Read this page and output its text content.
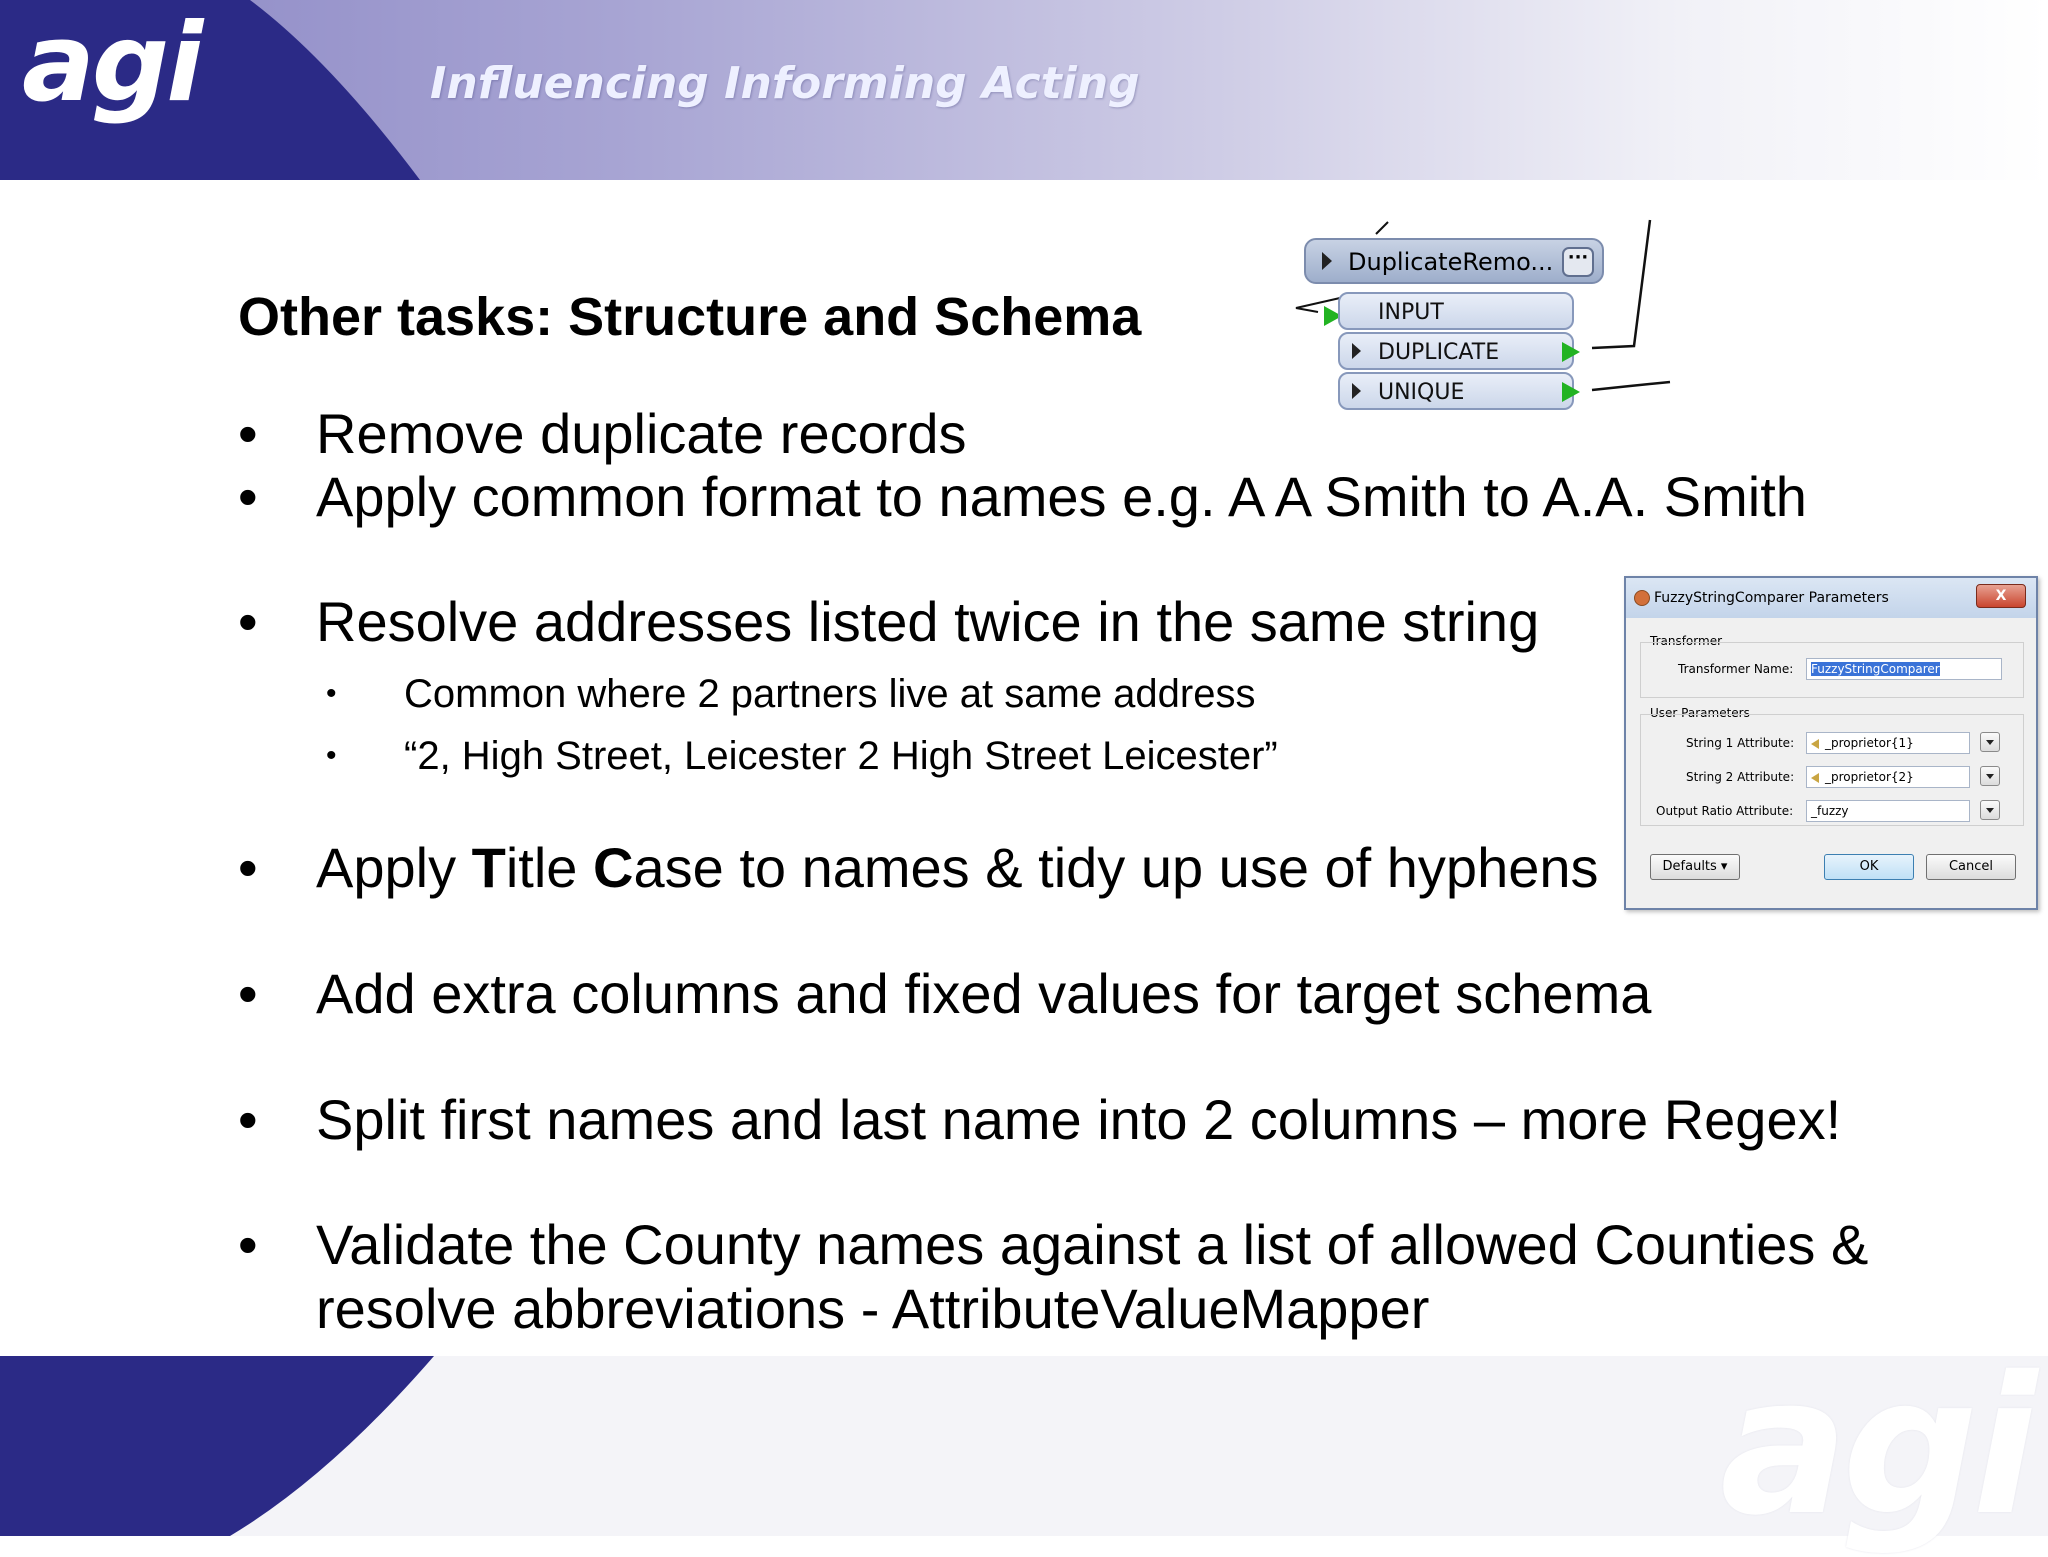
agi	Influencing Informing Acting
Other tasks: Structure and Schema
•	Remove duplicate records
•	Apply common format to names e.g. A A Smith to A.A. Smith
•	Resolve addresses listed twice in the same string
• Common where 2 partners live at same address
• “2, High Street, Leicester 2 High Street Leicester”
•	Apply Title Case to names & tidy up use of hyphens
•	Add extra columns and fixed values for target schema
•	Split first names and last name into 2 columns – more Regex!
•	Validate the County names against a list of allowed Counties &
resolve abbreviations - AttributeValueMapper
DuplicateRemo... ···
INPUT
DUPLICATE
UNIQUE
FuzzyStringComparer Parameters	X
Transformer
Transformer Name:	FuzzyStringComparer
User Parameters
String 1 Attribute:	_proprietor{1}
String 2 Attribute:	_proprietor{2}
Output Ratio Attribute:	_fuzzy
Defaults ▾	OK	Cancel
agi
